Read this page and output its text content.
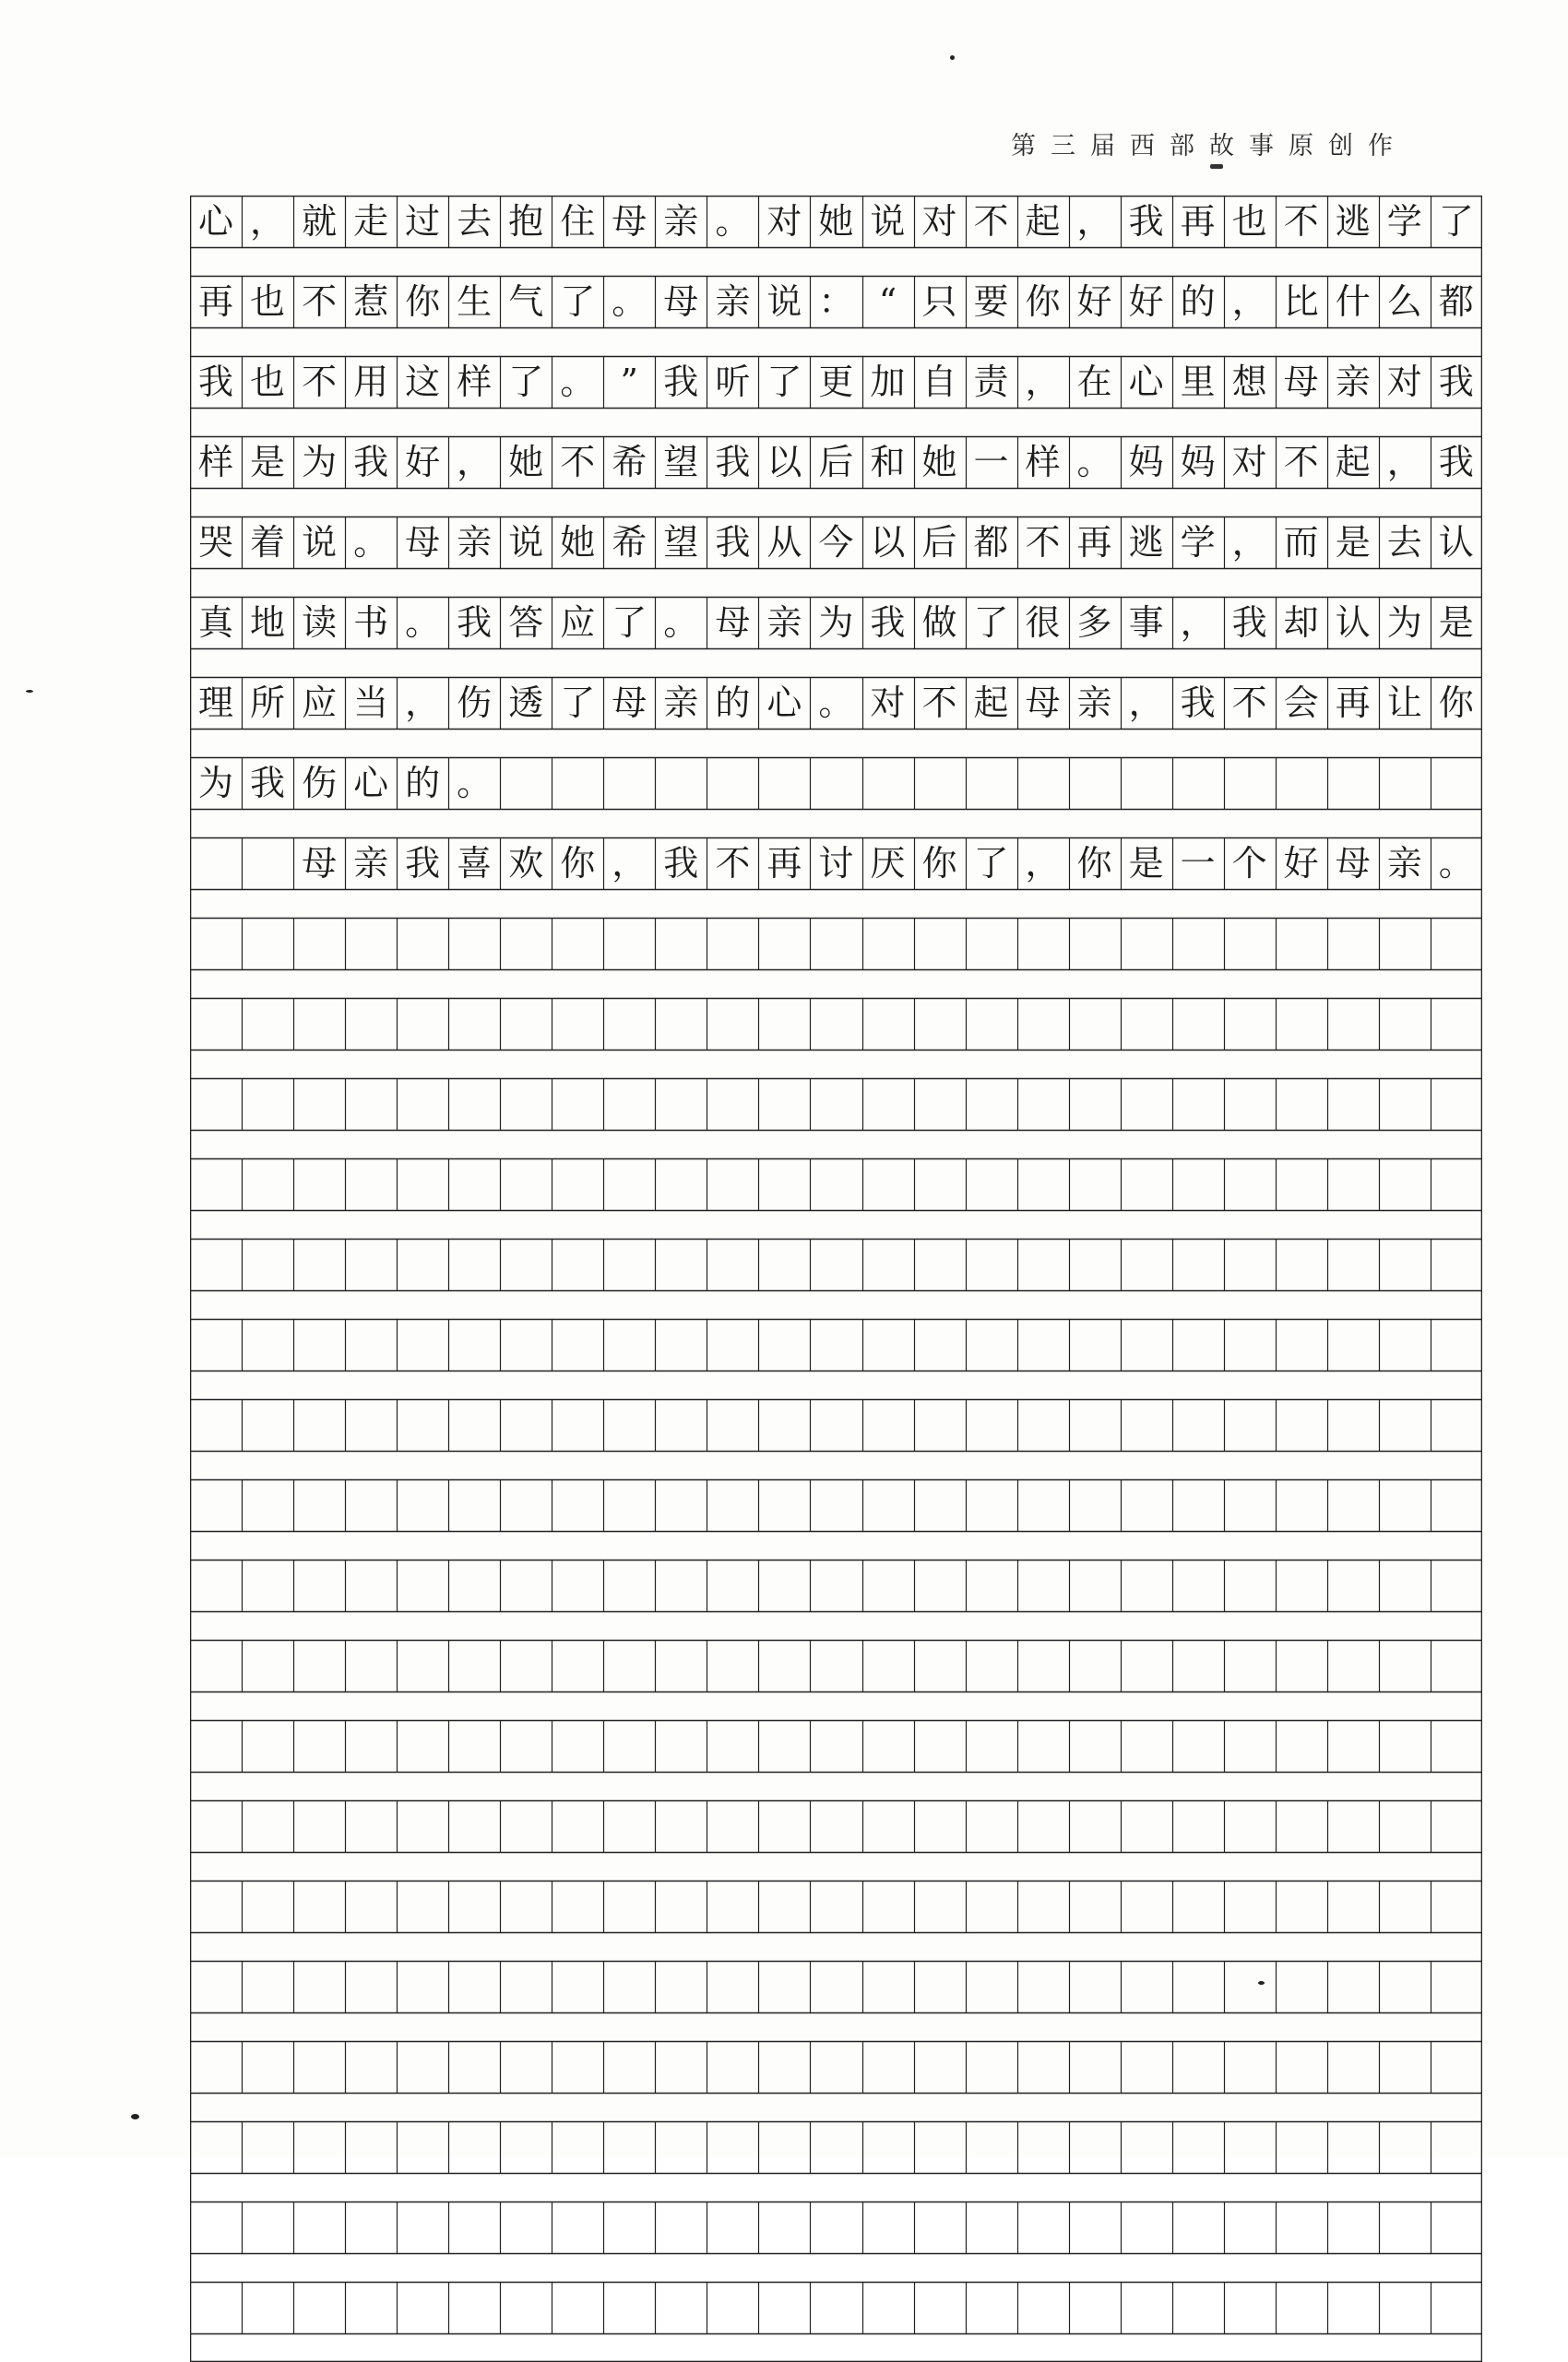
第三届西部故事原创作
心 ， 就 走 过 去 抱 住 母 亲 。 对 她 说 对 不 起 ， 我 再 也 不 逃 学 了
再 也 不 惹 你 生 气 了 。 母 亲 说 ： “ 只 要 你 好 好 的 ， 比 什 么 都
我 也 不 用 这 样 了 。 ” 我 听 了 更 加 自 责 ， 在 心 里 想 母 亲 对 我
样 是 为 我 好 ， 她 不 希 望 我 以 后 和 她 一 样 。 妈 妈 对 不 起 ， 我
哭 着 说 。 母 亲 说 她 希 望 我 从 今 以 后 都 不 再 逃 学 ， 而 是 去 认
真 地 读 书 。 我 答 应 了 。 母 亲 为 我 做 了 很 多 事 ， 我 却 认 为 是
理 所 应 当 ， 伤 透 了 母 亲 的 心 。 对 不 起 母 亲 ， 我 不 会 再 让 你
为 我 伤 心 的 。
　　母 亲 我 喜 欢 你 ， 我 不 再 讨 厌 你 了 ， 你 是 一 个 好 母 亲 。
